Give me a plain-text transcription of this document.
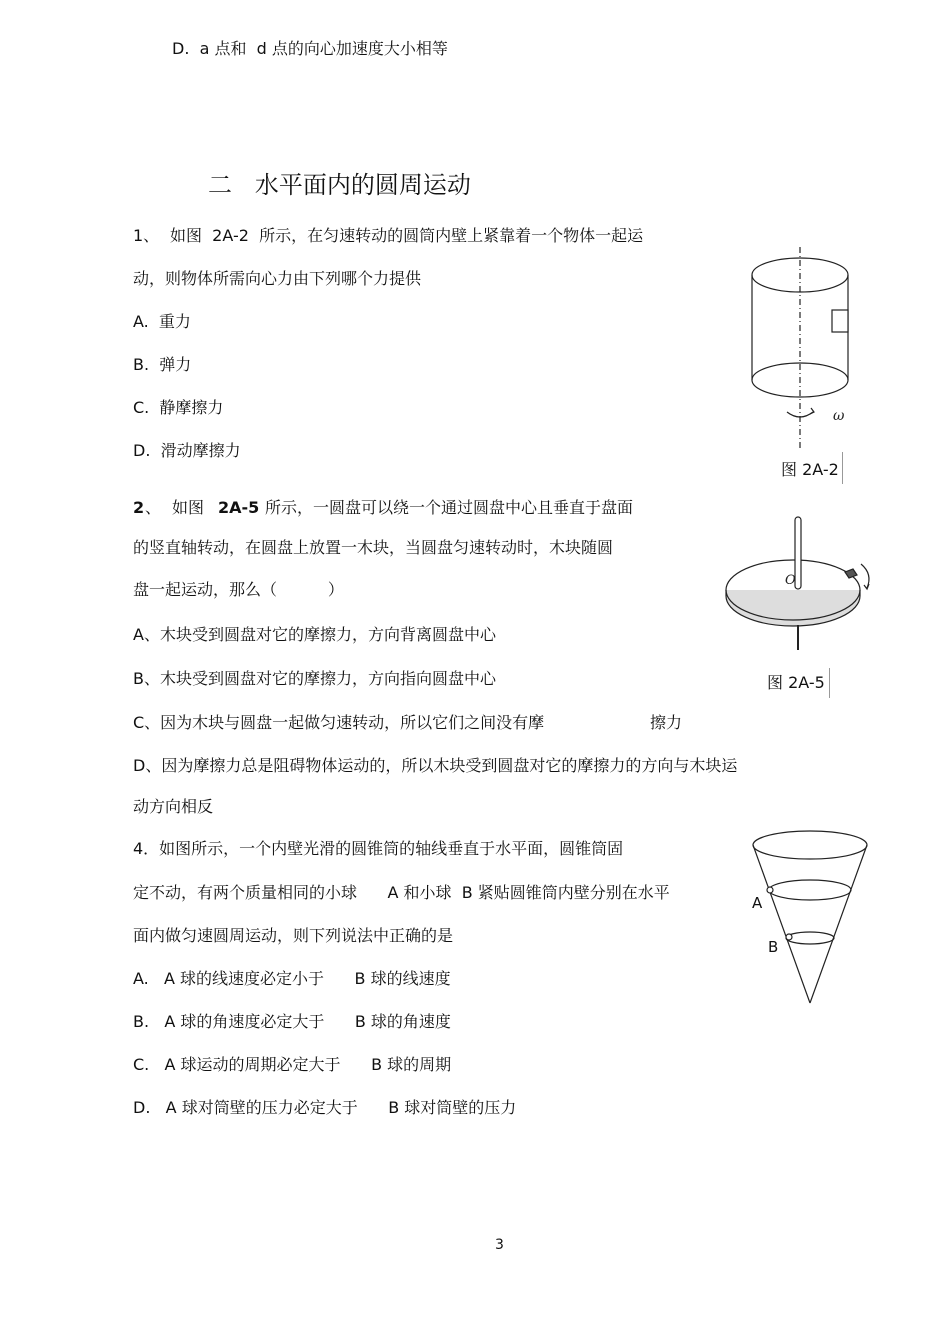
D.  a 点和  d 点的向心加速度大小相等
二   水平面内的圆周运动
1、 如图  2A-2  所示，在匀速转动的圆筒内壁上紧靠着一个物体一起运
动，则物体所需向心力由下列哪个力提供
A.  重力
B.  弹力
C.  静摩擦力
D.  滑动摩擦力
ω
图 2A-2
2 、 如图 2A-5 所示，一圆盘可以绕一个通过圆盘中心且垂直于盘面
的竖直轴转动，在圆盘上放置一木块，当圆盘匀速转动时，木块随圆
盘一起运动，那么（          ）
A、木块受到圆盘对它的摩擦力，方向背离圆盘中心
B、木块受到圆盘对它的摩擦力，方向指向圆盘中心
C、因为木块与圆盘一起做匀速转动，所以它们之间没有摩	擦力
D、因为摩擦力总是阻碍物体运动的，所以木块受到圆盘对它的摩擦力的方向与木块运
动方向相反
O
图 2A-5
4．如图所示，一个内壁光滑的圆锥筒的轴线垂直于水平面，圆锥筒固
定不动，有两个质量相同的小球      A 和小球  B 紧贴圆锥筒内壁分别在水平
面内做匀速圆周运动，则下列说法中正确的是
A.   A 球的线速度必定小于      B 球的线速度
B.   A 球的角速度必定大于      B 球的角速度
C.   A 球运动的周期必定大于      B 球的周期
D.   A 球对筒壁的压力必定大于      B 球对筒壁的压力
A
B
3
